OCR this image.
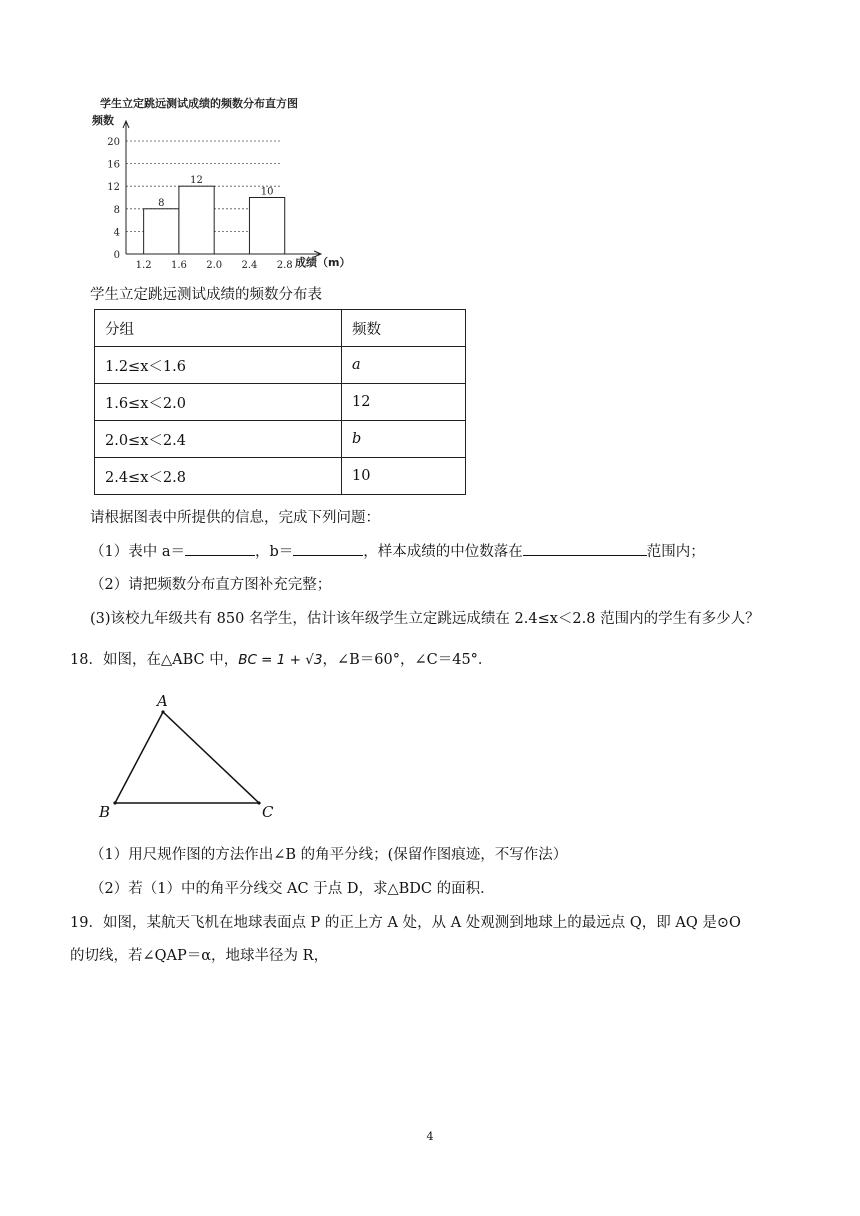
学生立定跳远测试成绩的频数分布直方图
频数
8
12
10
0
4
8
12
16
20
1.2 1.6 2.0 2.4 2.8 成绩（m）
学生立定跳远测试成绩的频数分布表
分组	频数
1.2≤x＜1.6	a
1.6≤x＜2.0	12
2.0≤x＜2.4	b
2.4≤x＜2.8	10
请根据图表中所提供的信息，完成下列问题：
（1）表中 a＝	，b＝	，样本成绩的中位数落在	范围内；
（2）请把频数分布直方图补充完整；
(3)该校九年级共有 850 名学生，估计该年级学生立定跳远成绩在 2.4≤x＜2.8 范围内的学生有多少人？
18．如图，在△ABC 中，BC = 1 + √3，∠B＝60°，∠C＝45°．
A
B	C
（1）用尺规作图的方法作出∠B 的角平分线；(保留作图痕迹，不写作法）
（2）若（1）中的角平分线交 AC 于点 D，求△BDC 的面积．
19．如图，某航天飞机在地球表面点 P 的正上方 A 处，从 A 处观测到地球上的最远点 Q，即 AQ 是⊙O
的切线，若∠QAP＝α，地球半径为 R，
4
